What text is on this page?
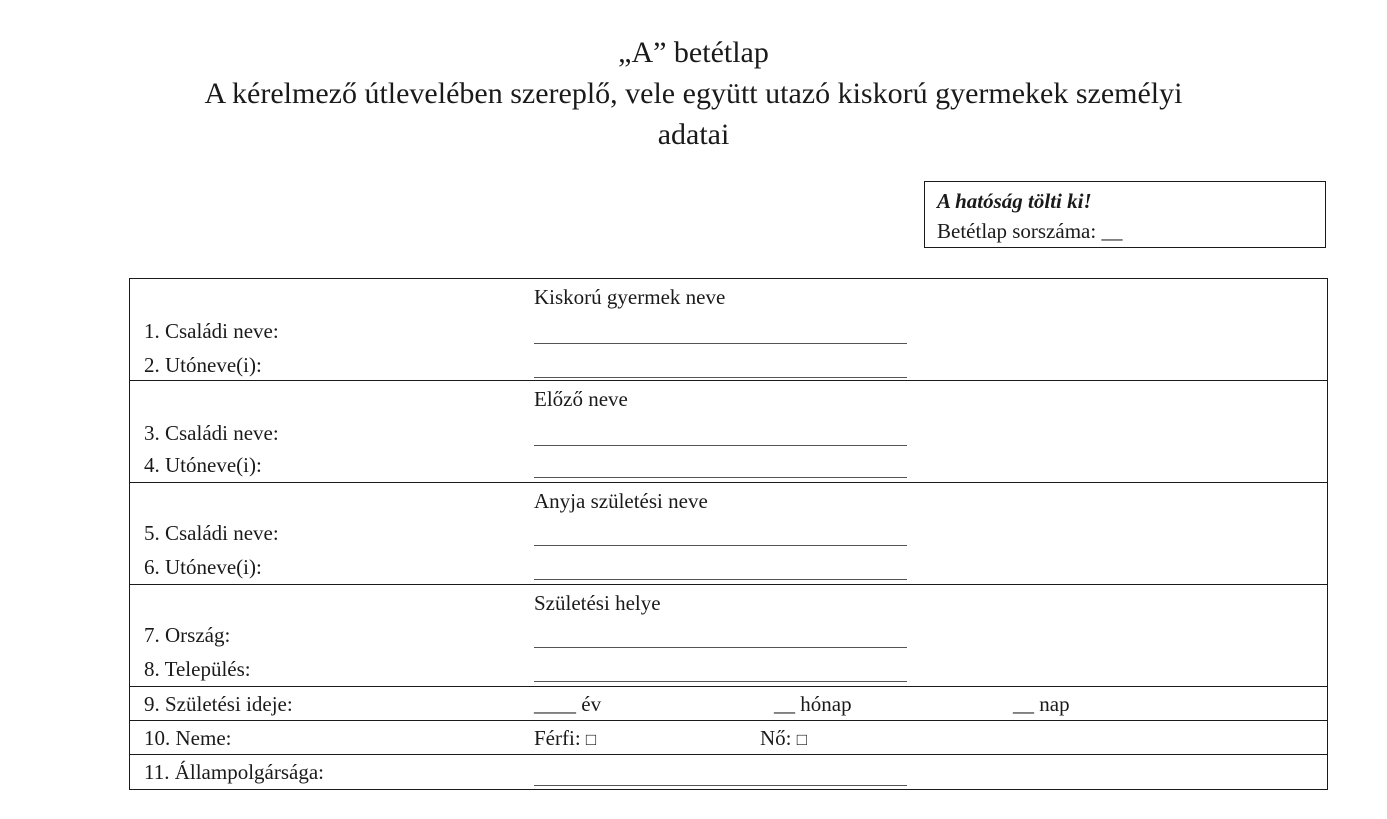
„A” betétlap
A kérelmező útlevelében szereplő, vele együtt utazó kiskorú gyermekek személyi
adatai
A hatóság tölti ki!
Betétlap sorszáma: __
Kiskorú gyermek neve
1. Családi neve:
2. Utóneve(i):
Előző neve
3. Családi neve:
4. Utóneve(i):
Anyja születési neve
5. Családi neve:
6. Utóneve(i):
Születési helye
7. Ország:
8. Település:
9. Születési ideje:	____ év	__ hónap	__ nap
10. Neme:	Férfi: □	Nő: □
11. Állampolgársága:
